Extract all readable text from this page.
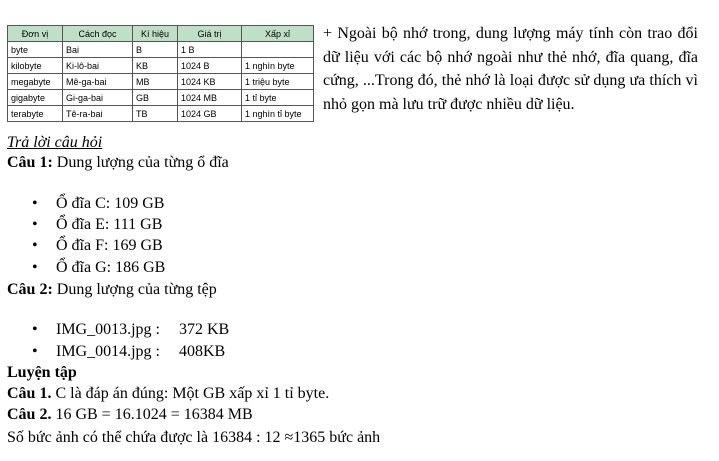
Đơn vị	Cách đọc	Kí hiệu	Giá trị	Xấp xỉ
byte	Bai	B	1 B	
kilobyte	Ki-lô-bai	KB	1024 B	1 nghìn byte
megabyte	Mê-ga-bai	MB	1024 KB	1 triệu byte
gigabyte	Gi-ga-bai	GB	1024 MB	1 tỉ byte
terabyte	Tê-ra-bai	TB	1024 GB	1 nghìn tỉ byte

+ Ngoài bộ nhớ trong, dung lượng máy tính còn trao đổi dữ liệu với các bộ nhớ ngoài như thẻ nhớ, đĩa quang, đĩa cứng, ...Trong đó, thẻ nhớ là loại được sử dụng ưa thích vì nhỏ gọn mà lưu trữ được nhiều dữ liệu.

Trả lời câu hỏi

Câu 1: Dung lượng của từng ổ đĩa

• Ổ đĩa C: 109 GB
• Ổ đĩa E: 111 GB
• Ổ đĩa F: 169 GB
• Ổ đĩa G: 186 GB

Câu 2: Dung lượng của từng tệp

• IMG_0013.jpg : 372 KB
• IMG_0014.jpg : 408KB

Luyện tập

Câu 1. C là đáp án đúng: Một GB xấp xỉ 1 tỉ byte.

Câu 2. 16 GB = 16.1024 = 16384 MB

Số bức ảnh có thể chứa được là 16384 : 12 ≈1365 bức ảnh
